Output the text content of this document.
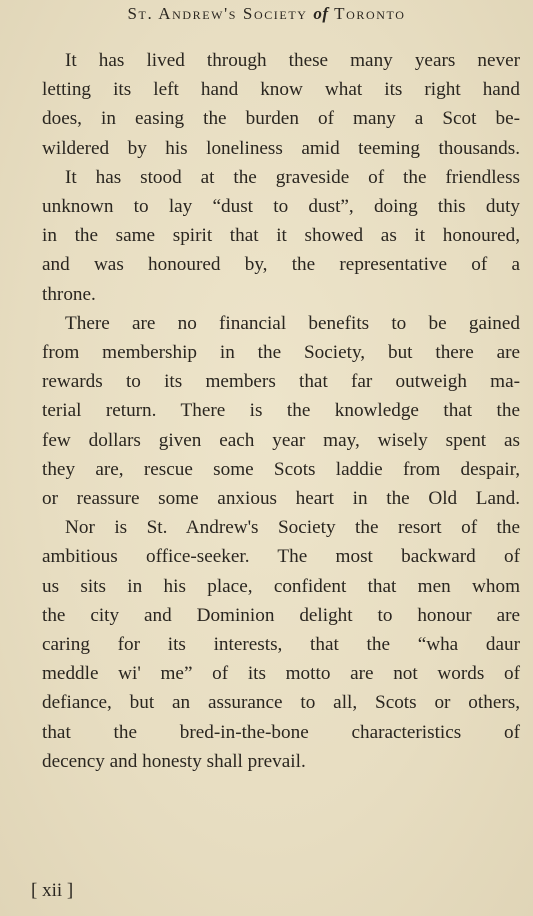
St. Andrew's Society of Toronto

It has lived through these many years never
letting its left hand know what its right hand
does, in easing the burden of many a Scot be-
wildered by his loneliness amid teeming thousands.

It has stood at the graveside of the friendless
unknown to lay “dust to dust”, doing this duty
in the same spirit that it showed as it honoured,
and was honoured by, the representative of a
throne.

There are no financial benefits to be gained
from membership in the Society, but there are
rewards to its members that far outweigh ma-
terial return. There is the knowledge that the
few dollars given each year may, wisely spent as
they are, rescue some Scots laddie from despair,
or reassure some anxious heart in the Old Land.

Nor is St. Andrew's Society the resort of the
ambitious office-seeker. The most backward of
us sits in his place, confident that men whom
the city and Dominion delight to honour are
caring for its interests, that the “wha daur
meddle wi' me” of its motto are not words of
defiance, but an assurance to all, Scots or others,
that the bred-in-the-bone characteristics of
decency and honesty shall prevail.

[ xii ]
